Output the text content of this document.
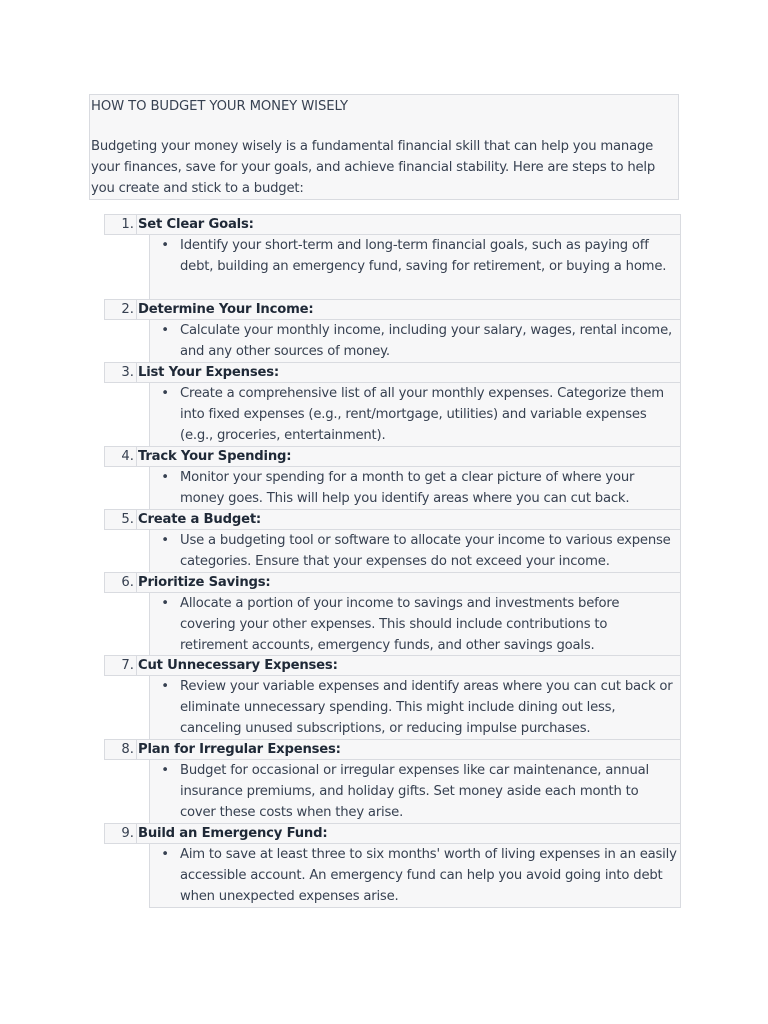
HOW TO BUDGET YOUR MONEY WISELY

Budgeting your money wisely is a fundamental financial skill that can help you manage your finances, save for your goals, and achieve financial stability. Here are steps to help you create and stick to a budget:

1. Set Clear Goals:
• Identify your short-term and long-term financial goals, such as paying off debt, building an emergency fund, saving for retirement, or buying a home.
2. Determine Your Income:
• Calculate your monthly income, including your salary, wages, rental income, and any other sources of money.
3. List Your Expenses:
• Create a comprehensive list of all your monthly expenses. Categorize them into fixed expenses (e.g., rent/mortgage, utilities) and variable expenses (e.g., groceries, entertainment).
4. Track Your Spending:
• Monitor your spending for a month to get a clear picture of where your money goes. This will help you identify areas where you can cut back.
5. Create a Budget:
• Use a budgeting tool or software to allocate your income to various expense categories. Ensure that your expenses do not exceed your income.
6. Prioritize Savings:
• Allocate a portion of your income to savings and investments before covering your other expenses. This should include contributions to retirement accounts, emergency funds, and other savings goals.
7. Cut Unnecessary Expenses:
• Review your variable expenses and identify areas where you can cut back or eliminate unnecessary spending. This might include dining out less, canceling unused subscriptions, or reducing impulse purchases.
8. Plan for Irregular Expenses:
• Budget for occasional or irregular expenses like car maintenance, annual insurance premiums, and holiday gifts. Set money aside each month to cover these costs when they arise.
9. Build an Emergency Fund:
• Aim to save at least three to six months' worth of living expenses in an easily accessible account. An emergency fund can help you avoid going into debt when unexpected expenses arise.
